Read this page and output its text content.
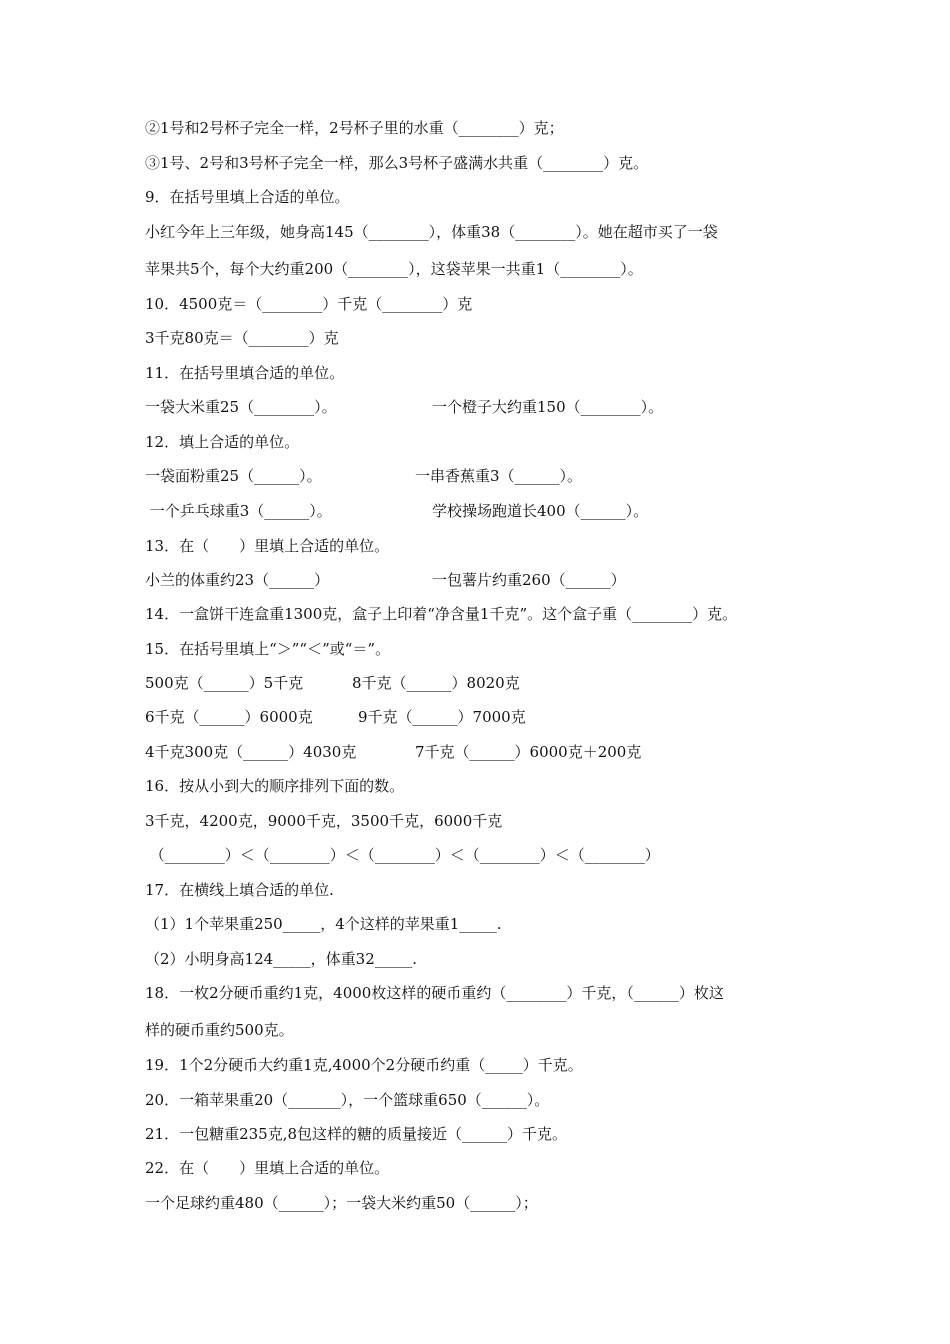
②1号和2号杯子完全一样，2号杯子里的水重（________）克；
③1号、2号和3号杯子完全一样，那么3号杯子盛满水共重（________）克。
9．在括号里填上合适的单位。
小红今年上三年级，她身高145（________），体重38（________）。她在超市买了一袋
苹果共5个，每个大约重200（________），这袋苹果一共重1（________）。
10．4500克＝（________）千克（________）克
3千克80克＝（________）克
11．在括号里填合适的单位。
一袋大米重25（________）。	一个橙子大约重150（________）。
12．填上合适的单位。
一袋面粉重25（______）。	一串香蕉重3（______）。
一个乒乓球重3（______）。	学校操场跑道长400（______）。
13．在（　　）里填上合适的单位。
小兰的体重约23（______）	一包薯片约重260（______）
14．一盒饼干连盒重1300克，盒子上印着“净含量1千克”。这个盒子重（________）克。
15．在括号里填上“＞”“＜”或“＝”。
500克（______）5千克	8千克（______）8020克
6千克（______）6000克	9千克（______）7000克
4千克300克（______）4030克	7千克（______）6000克＋200克
16．按从小到大的顺序排列下面的数。
3千克，4200克，9000千克，3500千克，6000千克
（________）＜（________）＜（________）＜（________）＜（________）
17．在横线上填合适的单位.
（1）1个苹果重250_____，4个这样的苹果重1_____.
（2）小明身高124_____，体重32_____.
18．一枚2分硬币重约1克，4000枚这样的硬币重约（________）千克，（______）枚这
样的硬币重约500克。
19．1个2分硬币大约重1克,4000个2分硬币约重（_____）千克。
20．一箱苹果重20（_______），一个篮球重650（______）。
21．一包糖重235克,8包这样的糖的质量接近（______）千克。
22．在（　　）里填上合适的单位。
一个足球约重480（______）；一袋大米约重50（______）；
